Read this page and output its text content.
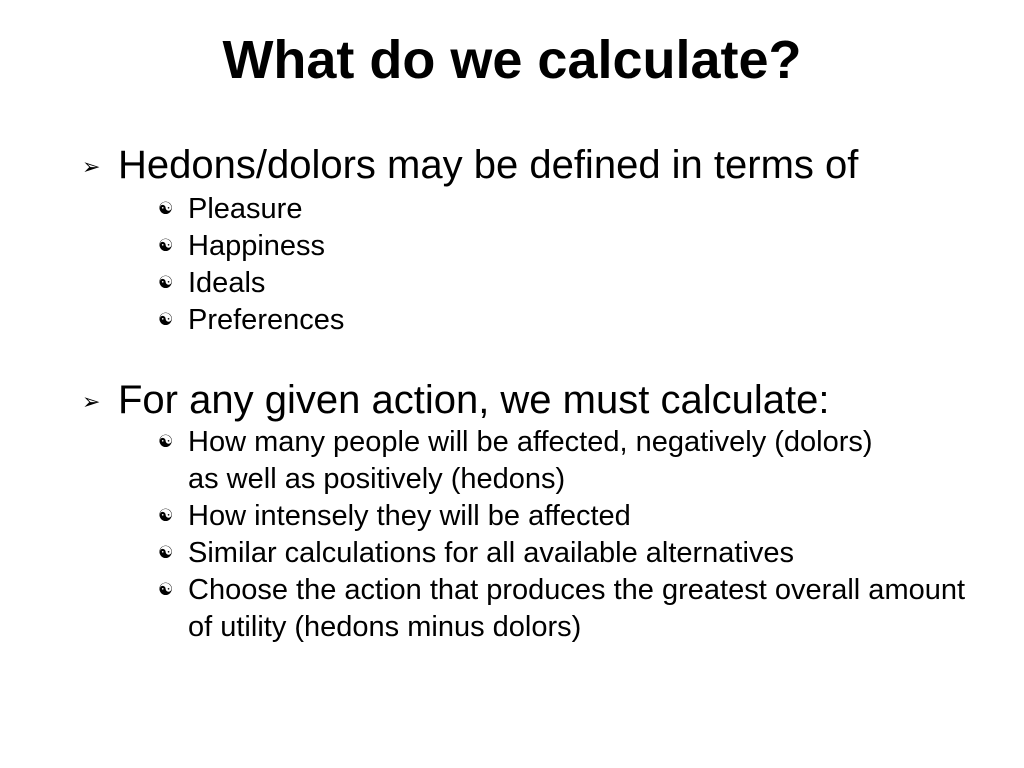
What do we calculate?
➢ Hedons/dolors may be defined in terms of
☯ Pleasure
☯ Happiness
☯ Ideals
☯ Preferences
➢ For any given action, we must calculate:
☯ How many people will be affected, negatively (dolors) as well as positively (hedons)
☯ How intensely they will be affected
☯ Similar calculations for all available alternatives
☯ Choose the action that produces the greatest overall amount of utility (hedons minus dolors)
